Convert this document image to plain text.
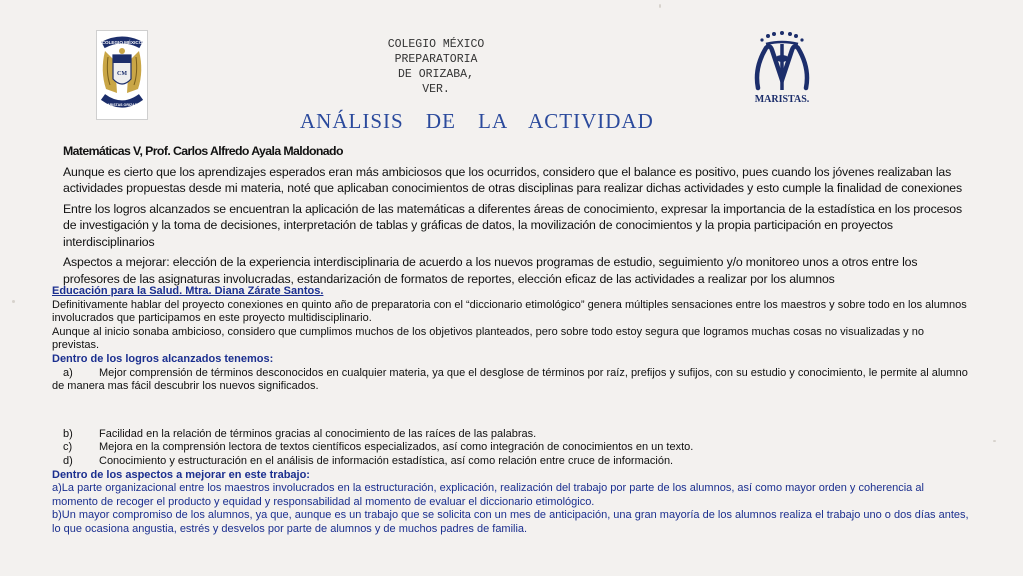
COLEGIO MÉXICO
CM
MARISTAS ORIZABA
COLEGIO MÉXICO
PREPARATORIA
DE ORIZABA,
VER.
MARISTAS.
ANÁLISIS DE LA ACTIVIDAD
Matemáticas V, Prof. Carlos Alfredo Ayala Maldonado

Aunque es cierto que los aprendizajes esperados eran más ambiciosos que los ocurridos, considero que el balance es positivo, pues cuando los jóvenes realizaban las actividades propuestas desde mi materia, noté que aplicaban conocimientos de otras disciplinas para realizar dichas actividades y esto cumple la finalidad de conexiones

Entre los logros alcanzados se encuentran la aplicación de las matemáticas a diferentes áreas de conocimiento, expresar la importancia de la estadística en los procesos de investigación y la toma de decisiones, interpretación de tablas y gráficas de datos, la movilización de conocimientos y la propia participación en proyectos interdisciplinarios

Aspectos a mejorar: elección de la experiencia interdisciplinaria de acuerdo a los nuevos programas de estudio, seguimiento y/o monitoreo unos a otros entre los profesores de las asignaturas involucradas, estandarización de formatos de reportes, elección eficaz de las actividades a realizar por los alumnos

Educación para la Salud. Mtra. Diana Zárate Santos.

Definitivamente hablar del proyecto conexiones en quinto año de preparatoria con el “diccionario etimológico” genera múltiples sensaciones entre los maestros y sobre todo en los alumnos involucrados que participamos en este proyecto multidisciplinario.

Aunque al inicio sonaba ambicioso, considero que cumplimos muchos de los objetivos planteados, pero sobre todo estoy segura que logramos muchas cosas no visualizadas y no previstas.

Dentro de los logros alcanzados tenemos:
a) Mejor comprensión de términos desconocidos en cualquier materia, ya que el desglose de términos por raíz, prefijos y sufijos, con su estudio y conocimiento, le permite al alumno de manera mas fácil descubrir los nuevos significados.
b) Facilidad en la relación de términos gracias al conocimiento de las raíces de las palabras.
c) Mejora en la comprensión lectora de textos científicos especializados, así como integración de conocimientos en un texto.
d) Conocimiento y estructuración en el análisis de información estadística, así como relación entre cruce de información.
Dentro de los aspectos a mejorar en este trabajo:

a)La parte organizacional entre los maestros involucrados en la estructuración, explicación, realización del trabajo por parte de los alumnos, así como mayor orden y coherencia al momento de recoger el producto y equidad y responsabilidad al momento de evaluar el diccionario etimológico.

b)Un mayor compromiso de los alumnos, ya que, aunque es un trabajo que se solicita con un mes de anticipación, una gran mayoría de los alumnos realiza el trabajo uno o dos días antes, lo que ocasiona angustia, estrés y desvelos por parte de alumnos y de muchos padres de familia.
